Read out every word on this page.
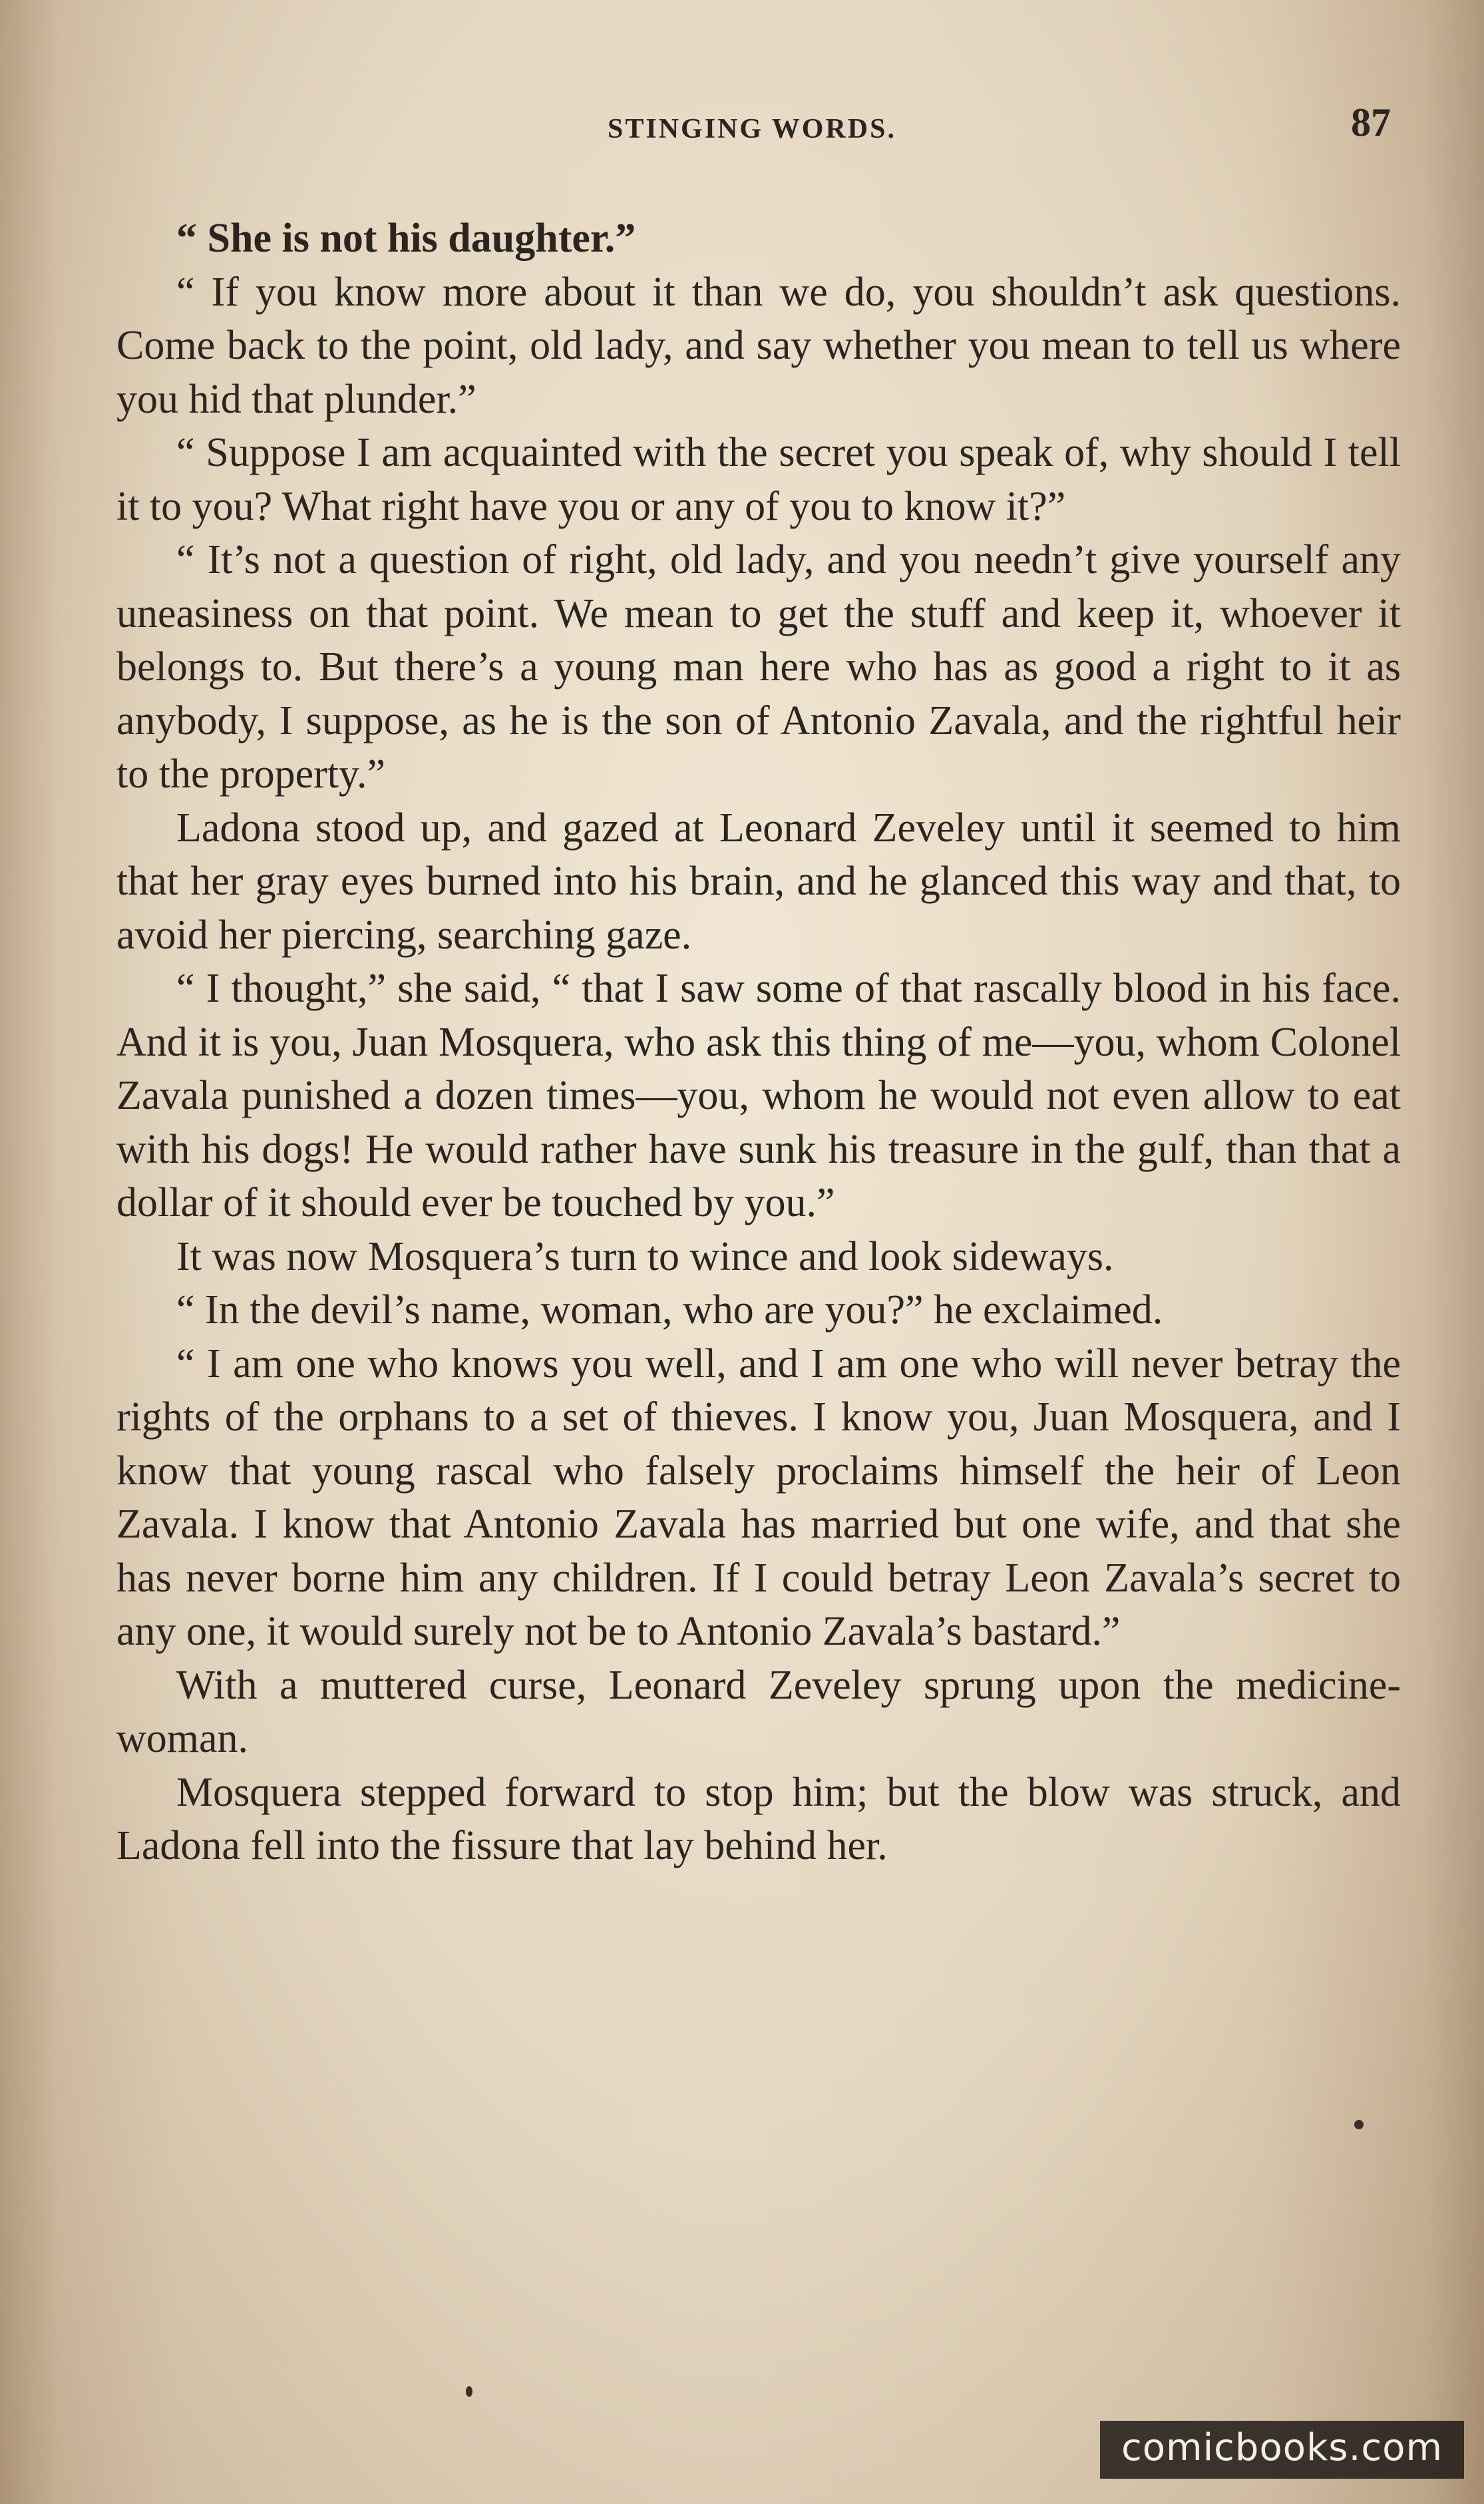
STINGING WORDS.	87

“ She is not his daughter.”

“ If you know more about it than we do, you shouldn’t ask questions. Come back to the point, old lady, and say whether you mean to tell us where you hid that plunder.”

“ Suppose I am acquainted with the secret you speak of, why should I tell it to you? What right have you or any of you to know it?”

“ It’s not a question of right, old lady, and you needn’t give yourself any uneasiness on that point. We mean to get the stuff and keep it, whoever it belongs to. But there’s a young man here who has as good a right to it as anybody, I suppose, as he is the son of Antonio Zavala, and the rightful heir to the property.”

Ladona stood up, and gazed at Leonard Zeveley until it seemed to him that her gray eyes burned into his brain, and he glanced this way and that, to avoid her piercing, searching gaze.

“ I thought,” she said, “ that I saw some of that rascally blood in his face. And it is you, Juan Mosquera, who ask this thing of me—you, whom Colonel Zavala punished a dozen times—you, whom he would not even allow to eat with his dogs! He would rather have sunk his treasure in the gulf, than that a dollar of it should ever be touched by you.”

It was now Mosquera’s turn to wince and look sideways.

“ In the devil’s name, woman, who are you?” he exclaimed.

“ I am one who knows you well, and I am one who will never betray the rights of the orphans to a set of thieves. I know you, Juan Mosquera, and I know that young rascal who falsely proclaims himself the heir of Leon Zavala. I know that Antonio Zavala has married but one wife, and that she has never borne him any children. If I could betray Leon Zavala’s secret to any one, it would surely not be to Antonio Zavala’s bastard.”

With a muttered curse, Leonard Zeveley sprung upon the medicine-woman.

Mosquera stepped forward to stop him; but the blow was struck, and Ladona fell into the fissure that lay behind her.

comicbooks.com
